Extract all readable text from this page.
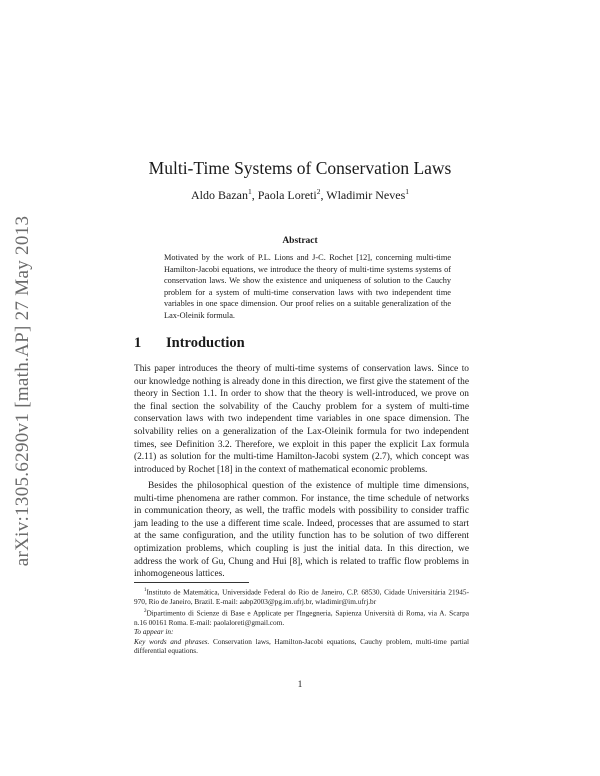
arXiv:1305.6290v1 [math.AP] 27 May 2013
Multi-Time Systems of Conservation Laws
Aldo Bazan$^1$, Paola Loreti$^2$, Wladimir Neves$^1$
Abstract
Motivated by the work of P.L. Lions and J-C. Rochet [12], concerning multi-time Hamilton-Jacobi equations, we introduce the theory of multi-time systems systems of conservation laws. We show the existence and uniqueness of solution to the Cauchy problem for a system of multi-time conservation laws with two independent time variables in one space dimension. Our proof relies on a suitable generalization of the Lax-Oleinik formula.
1 Introduction
This paper introduces the theory of multi-time systems of conservation laws. Since to our knowledge nothing is already done in this direction, we first give the statement of the theory in Section 1.1. In order to show that the theory is well-introduced, we prove on the final section the solvability of the Cauchy problem for a system of multi-time conservation laws with two independent time variables in one space dimension. The solvability relies on a generalization of the Lax-Oleinik formula for two independent times, see Definition 3.2. Therefore, we exploit in this paper the explicit Lax formula (2.11) as solution for the multi-time Hamilton-Jacobi system (2.7), which concept was introduced by Rochet [18] in the context of mathematical economic problems.
Besides the philosophical question of the existence of multiple time dimensions, multi-time phenomena are rather common. For instance, the time schedule of networks in communication theory, as well, the traffic models with possibility to consider traffic jam leading to the use a different time scale. Indeed, processes that are assumed to start at the same configuration, and the utility function has to be solution of two different optimization problems, which coupling is just the initial data. In this direction, we address the work of Gu, Chung and Hui [8], which is related to traffic flow problems in inhomogeneous lattices.
$^1$Instituto de Matemática, Universidade Federal do Rio de Janeiro, C.P. 68530, Cidade Universitária 21945-970, Rio de Janeiro, Brazil. E-mail: aabp2003@pg.im.ufrj.br, wladimir@im.ufrj.br
$^2$Dipartimento di Scienze di Base e Applicate per l'Ingegneria, Sapienza Università di Roma, via A. Scarpa n.16 00161 Roma. E-mail: paolaloreti@gmail.com.
To appear in:
Key words and phrases. Conservation laws, Hamilton-Jacobi equations, Cauchy problem, multi-time partial differential equations.
1
